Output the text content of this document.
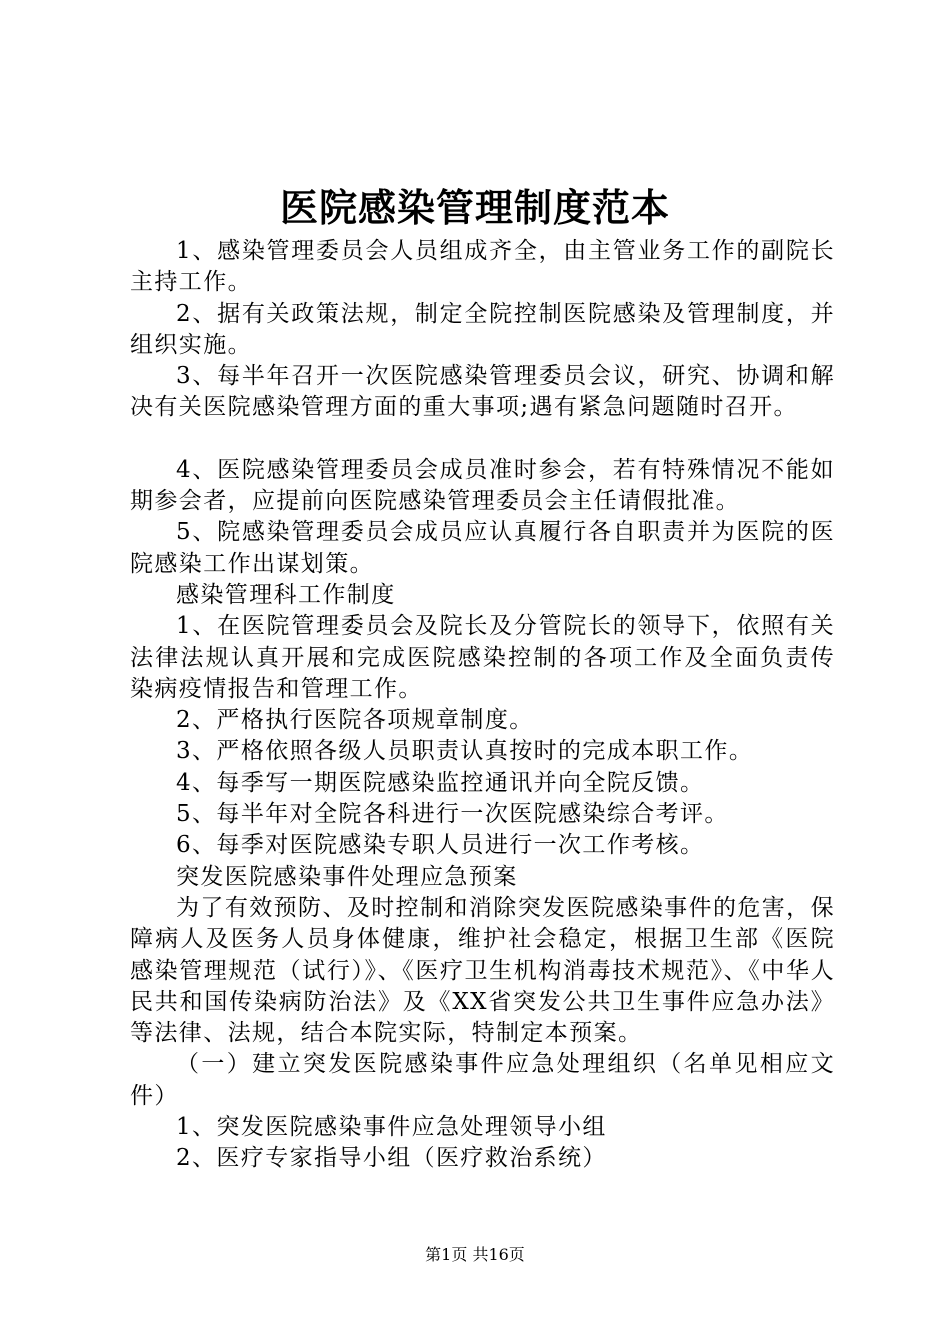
医院感染管理制度范本

1、感染管理委员会人员组成齐全，由主管业务工作的副院长主持工作。

2、据有关政策法规，制定全院控制医院感染及管理制度，并组织实施。

3、每半年召开一次医院感染管理委员会议，研究、协调和解决有关医院感染管理方面的重大事项;遇有紧急问题随时召开。

4、医院感染管理委员会成员准时参会，若有特殊情况不能如期参会者，应提前向医院感染管理委员会主任请假批准。

5、院感染管理委员会成员应认真履行各自职责并为医院的医院感染工作出谋划策。

感染管理科工作制度

1、在医院管理委员会及院长及分管院长的领导下，依照有关法律法规认真开展和完成医院感染控制的各项工作及全面负责传染病疫情报告和管理工作。

2、严格执行医院各项规章制度。

3、严格依照各级人员职责认真按时的完成本职工作。

4、每季写一期医院感染监控通讯并向全院反馈。

5、每半年对全院各科进行一次医院感染综合考评。

6、每季对医院感染专职人员进行一次工作考核。

突发医院感染事件处理应急预案

为了有效预防、及时控制和消除突发医院感染事件的危害，保障病人及医务人员身体健康，维护社会稳定，根据卫生部《医院感染管理规范（试行）》、《医疗卫生机构消毒技术规范》、《中华人民共和国传染病防治法》及《XX省突发公共卫生事件应急办法》等法律、法规，结合本院实际，特制定本预案。

（一）建立突发医院感染事件应急处理组织（名单见相应文件）

1、突发医院感染事件应急处理领导小组

2、医疗专家指导小组（医疗救治系统）

第1页 共16页
